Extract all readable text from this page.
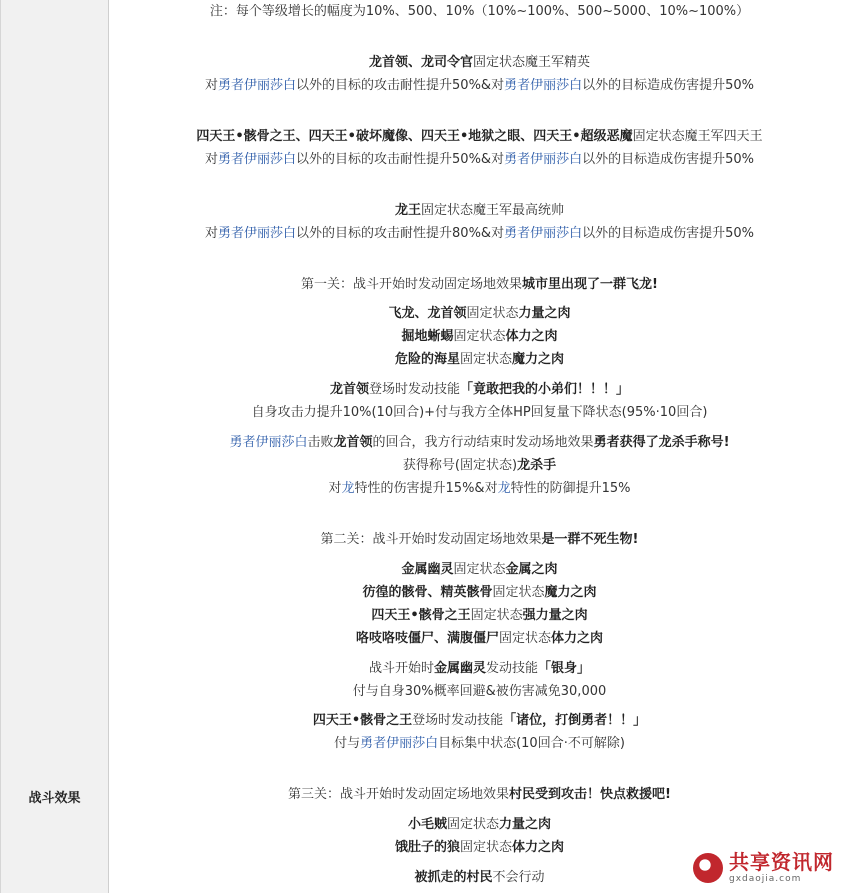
战斗效果
注：每个等级增长的幅度为10%、500、10%（10%~100%、500~5000、10%~100%）
龙首领、龙司令官固定状态魔王军精英
对勇者伊丽莎白以外的目标的攻击耐性提升50%&对勇者伊丽莎白以外的目标造成伤害提升50%
四天王•骸骨之王、四天王•破坏魔像、四天王•地狱之眼、四天王•超级恶魔固定状态魔王军四天王
对勇者伊丽莎白以外的目标的攻击耐性提升50%&对勇者伊丽莎白以外的目标造成伤害提升50%
龙王固定状态魔王军最高统帅
对勇者伊丽莎白以外的目标的攻击耐性提升80%&对勇者伊丽莎白以外的目标造成伤害提升50%
第一关：战斗开始时发动固定场地效果城市里出现了一群飞龙!
飞龙、龙首领固定状态力量之肉
掘地蜥蜴固定状态体力之肉
危险的海星固定状态魔力之肉
龙首领登场时发动技能「竟敢把我的小弟们！！！」
自身攻击力提升10%(10回合)+付与我方全体HP回复量下降状态(95%·10回合)
勇者伊丽莎白击败龙首领的回合，我方行动结束时发动场地效果勇者获得了龙杀手称号!
获得称号(固定状态)龙杀手
对龙特性的伤害提升15%&对龙特性的防御提升15%
第二关：战斗开始时发动固定场地效果是一群不死生物!
金属幽灵固定状态金属之肉
彷徨的骸骨、精英骸骨固定状态魔力之肉
四天王•骸骨之王固定状态强力量之肉
咯吱咯吱僵尸、满腹僵尸固定状态体力之肉
战斗开始时金属幽灵发动技能「银身」
付与自身30%概率回避&被伤害减免30,000
四天王•骸骨之王登场时发动技能「诸位，打倒勇者！！」
付与勇者伊丽莎白目标集中状态(10回合·不可解除)
第三关：战斗开始时发动固定场地效果村民受到攻击！快点救援吧!
小毛贼固定状态力量之肉
饿肚子的狼固定状态体力之肉
被抓走的村民不会行动
共享资讯网
gxdaojia.com
